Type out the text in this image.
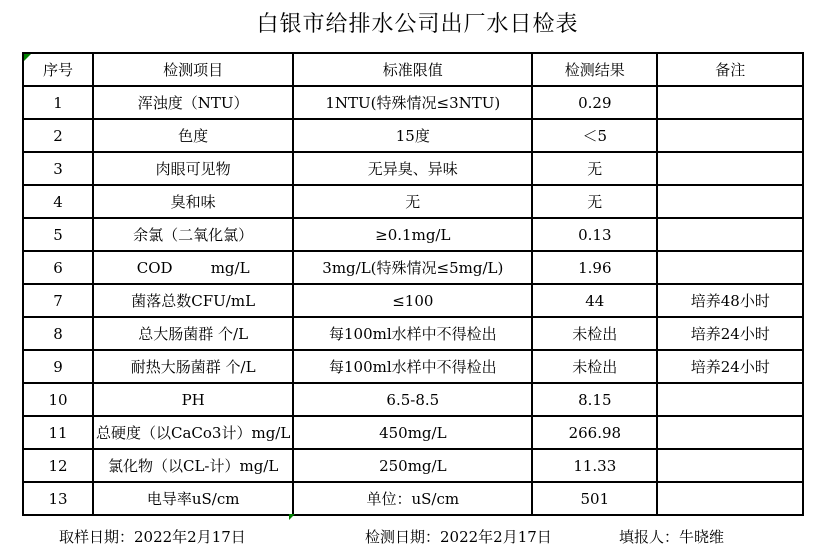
白银市给排水公司出厂水日检表
序号	检测项目	标准限值	检测结果	备注
1	浑浊度（NTU）	1NTU(特殊情况≤3NTU)	0.29	
2	色度	15度	＜5	
3	肉眼可见物	无异臭、异味	无	
4	臭和味	无	无	
5	余氯（二氧化氯）	≥0.1mg/L	0.13	
6	COD        mg/L	3mg/L(特殊情况≤5mg/L)	1.96	
7	菌落总数CFU/mL	≤100	44	培养48小时
8	总大肠菌群 个/L	每100ml水样中不得检出	未检出	培养24小时
9	耐热大肠菌群 个/L	每100ml水样中不得检出	未检出	培养24小时
10	PH	6.5-8.5	8.15	
11	总硬度（以CaCo3计）mg/L	450mg/L	266.98	
12	氯化物（以CL-计）mg/L	250mg/L	11.33	
13	电导率uS/cm	单位：uS/cm	501	
取样日期：2022年2月17日	检测日期：2022年2月17日	填报人：牛晓维
